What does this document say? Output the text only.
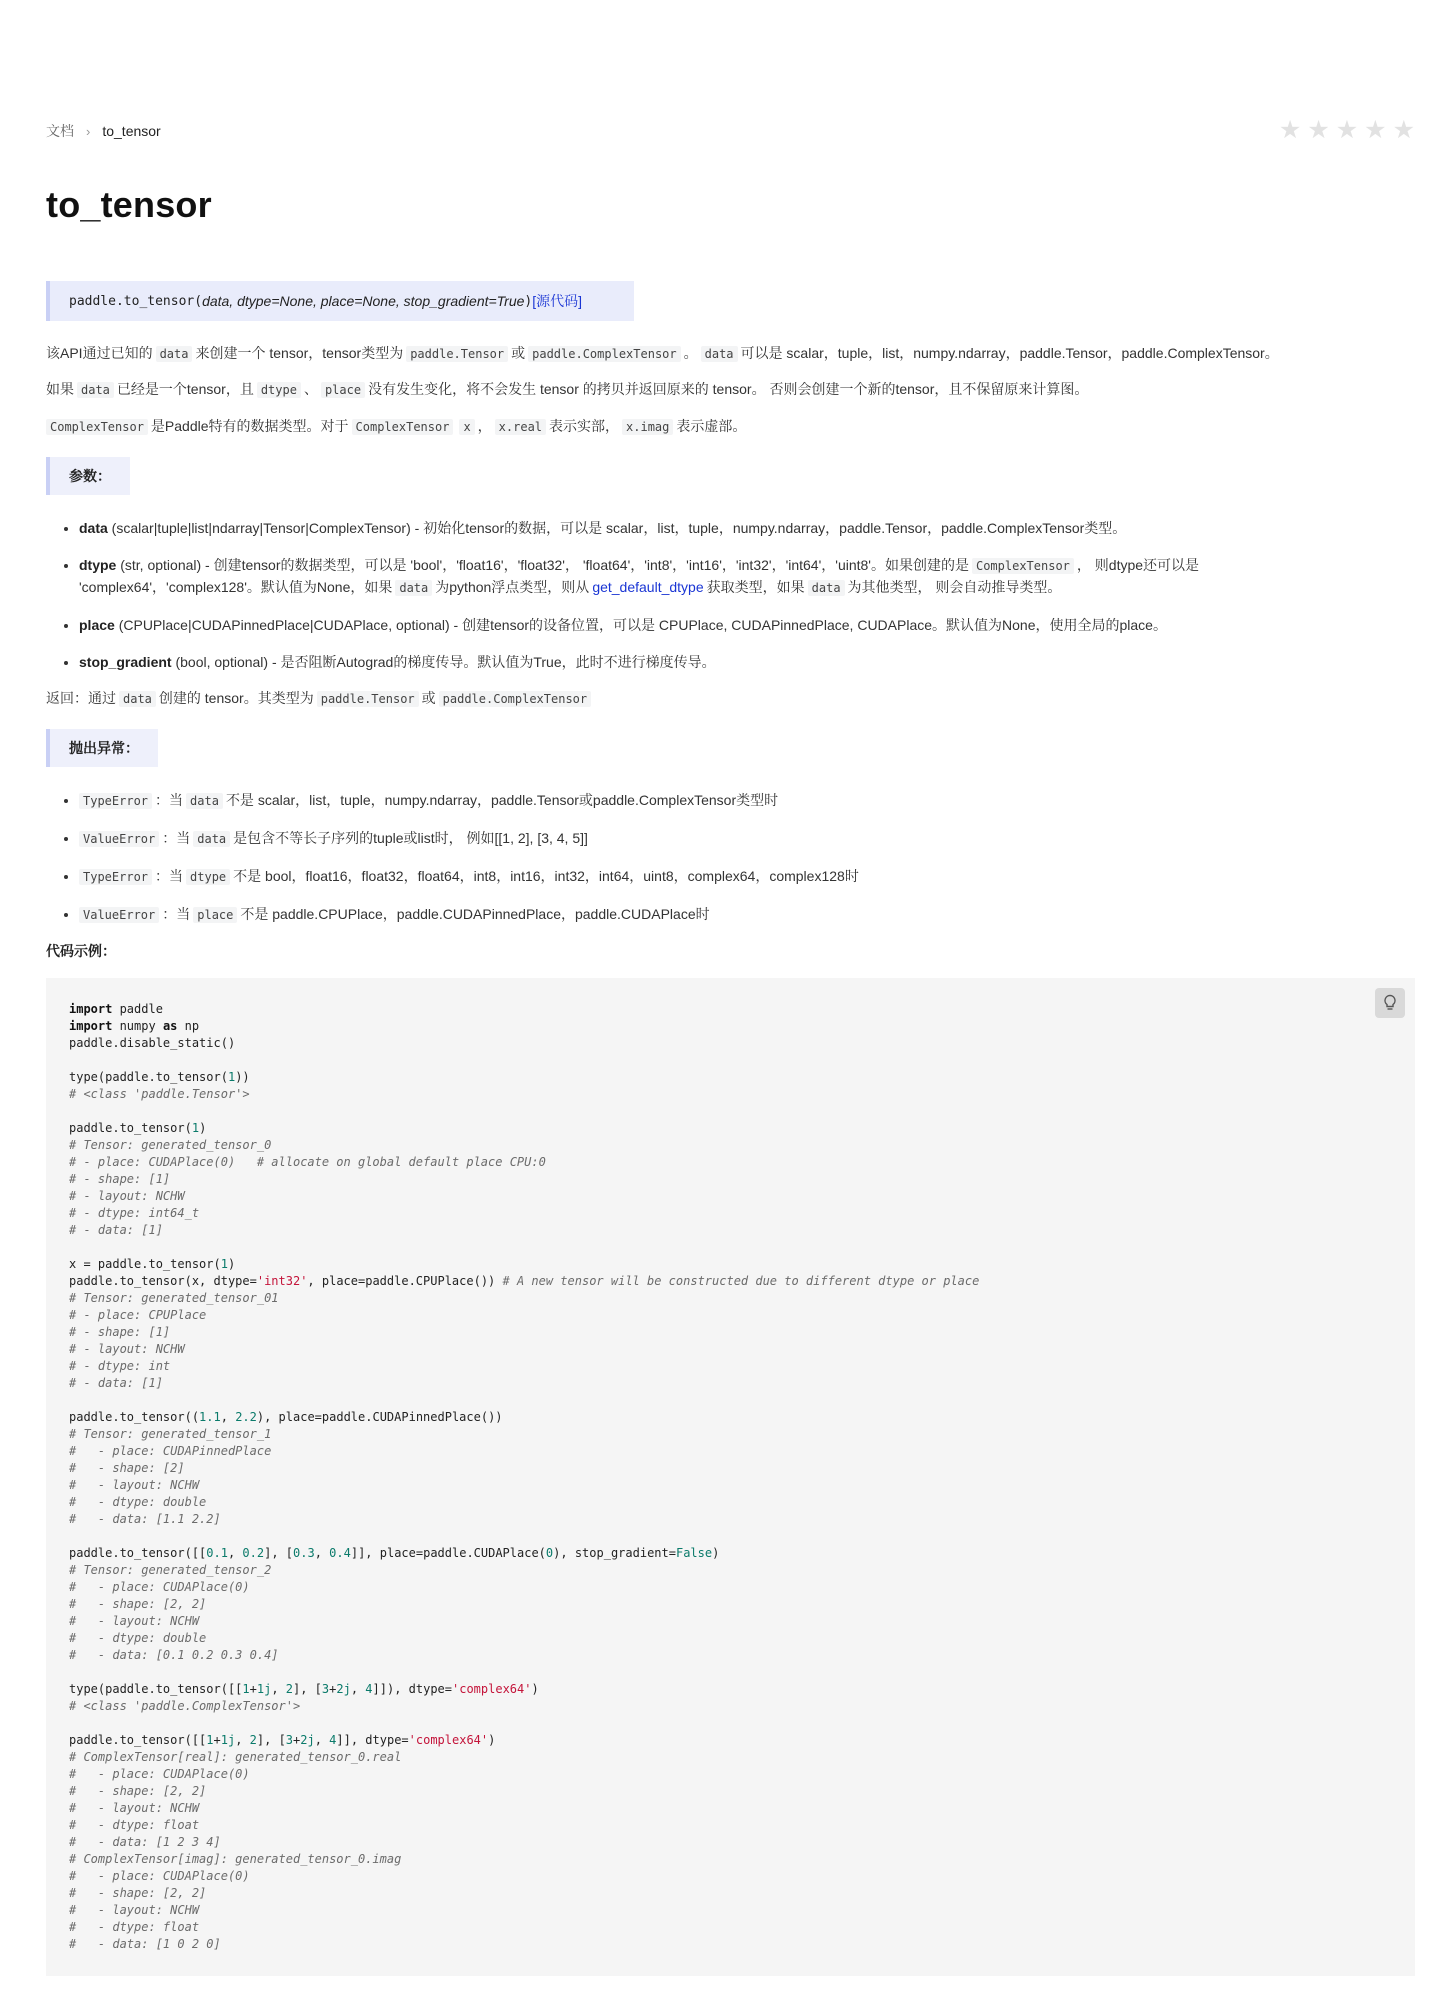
文档 › to_tensor	★ ★ ★ ★ ★
to_tensor
paddle.to_tensor( data, dtype=None, place=None, stop_gradient=True ) [源代码]
该API通过已知的 data 来创建一个 tensor，tensor类型为 paddle.Tensor 或 paddle.ComplexTensor 。 data 可以是 scalar，tuple，list，numpy.ndarray，paddle.Tensor，paddle.ComplexTensor。
如果 data 已经是一个tensor，且 dtype 、 place 没有发生变化，将不会发生 tensor 的拷贝并返回原来的 tensor。 否则会创建一个新的tensor，且不保留原来计算图。
ComplexTensor 是Paddle特有的数据类型。对于 ComplexTensor x ， x.real 表示实部， x.imag 表示虚部。
参数：
• data (scalar|tuple|list|ndarray|Tensor|ComplexTensor) - 初始化tensor的数据，可以是 scalar，list，tuple，numpy.ndarray，paddle.Tensor，paddle.ComplexTensor类型。
• dtype (str, optional) - 创建tensor的数据类型，可以是 'bool'，'float16'，'float32'， 'float64'，'int8'，'int16'，'int32'，'int64'，'uint8'。如果创建的是 ComplexTensor ， 则dtype还可以是
'complex64'，'complex128'。默认值为None，如果 data 为python浮点类型，则从 get_default_dtype 获取类型，如果 data 为其他类型， 则会自动推导类型。
• place (CPUPlace|CUDAPinnedPlace|CUDAPlace, optional) - 创建tensor的设备位置，可以是 CPUPlace, CUDAPinnedPlace, CUDAPlace。默认值为None，使用全局的place。
• stop_gradient (bool, optional) - 是否阻断Autograd的梯度传导。默认值为True，此时不进行梯度传导。
返回：通过 data 创建的 tensor。其类型为 paddle.Tensor 或 paddle.ComplexTensor
抛出异常：
• TypeError ：当 data 不是 scalar，list，tuple，numpy.ndarray，paddle.Tensor或paddle.ComplexTensor类型时
• ValueError ：当 data 是包含不等长子序列的tuple或list时， 例如[[1, 2], [3, 4, 5]]
• TypeError ：当 dtype 不是 bool，float16，float32，float64，int8，int16，int32，int64，uint8，complex64，complex128时
• ValueError ：当 place 不是 paddle.CPUPlace，paddle.CUDAPinnedPlace，paddle.CUDAPlace时
代码示例：
import paddle
import numpy as np
paddle.disable_static()

type(paddle.to_tensor(1))
# <class 'paddle.Tensor'>

paddle.to_tensor(1)
# Tensor: generated_tensor_0
# - place: CUDAPlace(0)   # allocate on global default place CPU:0
# - shape: [1]
# - layout: NCHW
# - dtype: int64_t
# - data: [1]

x = paddle.to_tensor(1)
paddle.to_tensor(x, dtype='int32', place=paddle.CPUPlace()) # A new tensor will be constructed due to different dtype or place
# Tensor: generated_tensor_01
# - place: CPUPlace
# - shape: [1]
# - layout: NCHW
# - dtype: int
# - data: [1]

paddle.to_tensor((1.1, 2.2), place=paddle.CUDAPinnedPlace())
# Tensor: generated_tensor_1
#   - place: CUDAPinnedPlace
#   - shape: [2]
#   - layout: NCHW
#   - dtype: double
#   - data: [1.1 2.2]

paddle.to_tensor([[0.1, 0.2], [0.3, 0.4]], place=paddle.CUDAPlace(0), stop_gradient=False)
# Tensor: generated_tensor_2
#   - place: CUDAPlace(0)
#   - shape: [2, 2]
#   - layout: NCHW
#   - dtype: double
#   - data: [0.1 0.2 0.3 0.4]

type(paddle.to_tensor([[1+1j, 2], [3+2j, 4]]), dtype='complex64')
# <class 'paddle.ComplexTensor'>

paddle.to_tensor([[1+1j, 2], [3+2j, 4]], dtype='complex64')
# ComplexTensor[real]: generated_tensor_0.real
#   - place: CUDAPlace(0)
#   - shape: [2, 2]
#   - layout: NCHW
#   - dtype: float
#   - data: [1 2 3 4]
# ComplexTensor[imag]: generated_tensor_0.imag
#   - place: CUDAPlace(0)
#   - shape: [2, 2]
#   - layout: NCHW
#   - dtype: float
#   - data: [1 0 2 0]
